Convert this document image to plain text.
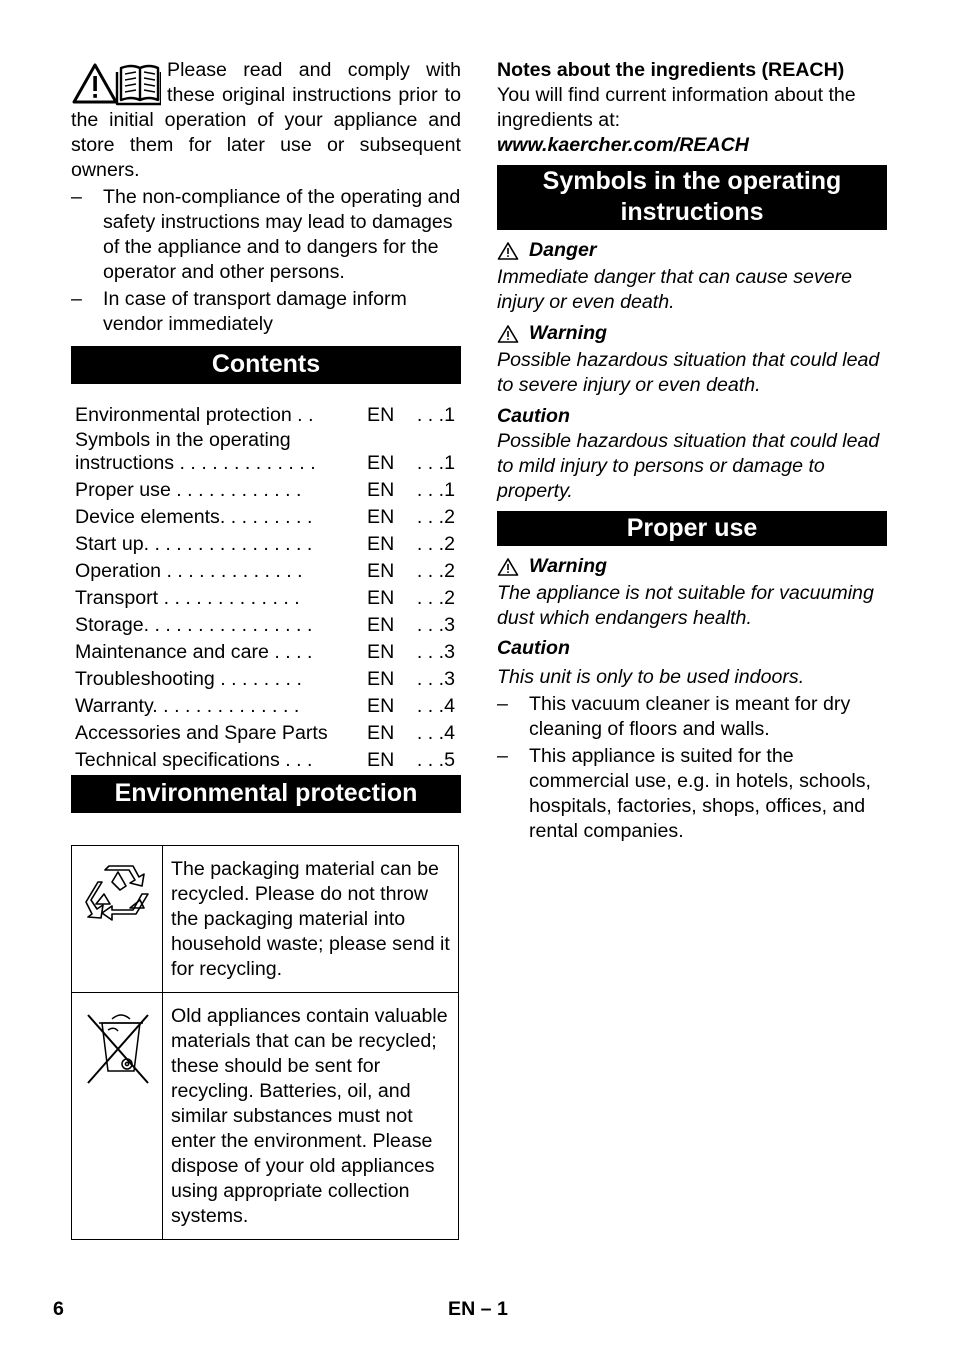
Please read and comply with these original instructions prior to the initial operation of your appliance and store them for later use or subsequent owners.
– The non-compliance of the operating and safety instructions may lead to damages of the appliance and to dangers for the operator and other persons.
– In case of transport damage inform vendor immediately
Contents
Environmental protection . .	EN	. . .1

Symbols in the operating instructions . . . . . . . . . . . . .	EN	. . .1

Proper use . . . . . . . . . . . .	EN	. . .1

Device elements. . . . . . . . .	EN	. . .2

Start up. . . . . . . . . . . . . . . .	EN	. . .2

Operation . . . . . . . . . . . . .	EN	. . .2

Transport . . . . . . . . . . . . .	EN	. . .2

Storage. . . . . . . . . . . . . . . .	EN	. . .3

Maintenance and care . . . .	EN	. . .3

Troubleshooting . . . . . . . .	EN	. . .3

Warranty. . . . . . . . . . . . . .	EN	. . .4

Accessories and Spare Parts	EN	. . .4

Technical specifications . . .	EN	. . .5
Environmental protection
	The packaging material can be recycled. Please do not throw the packaging material into household waste; please send it for recycling.
	Old appliances contain valuable materials that can be recycled; these should be sent for recycling. Batteries, oil, and similar substances must not enter the environment. Please dispose of your old appliances using appropriate collection systems.

Notes about the ingredients (REACH)

You will find current information about the ingredients at:

www.kaercher.com/REACH

Symbols in the operating instructions

Danger

Immediate danger that can cause severe injury or even death.

Warning

Possible hazardous situation that could lead to severe injury or even death.

Caution

Possible hazardous situation that could lead to mild injury to persons or damage to property.

Proper use

Warning

The appliance is not suitable for vacuuming dust which endangers health.

Caution

This unit is only to be used indoors.

– This vacuum cleaner is meant for dry cleaning of floors and walls.
– This appliance is suited for the commercial use, e.g. in hotels, schools, hospitals, factories, shops, offices, and rental companies.
6	EN – 1
